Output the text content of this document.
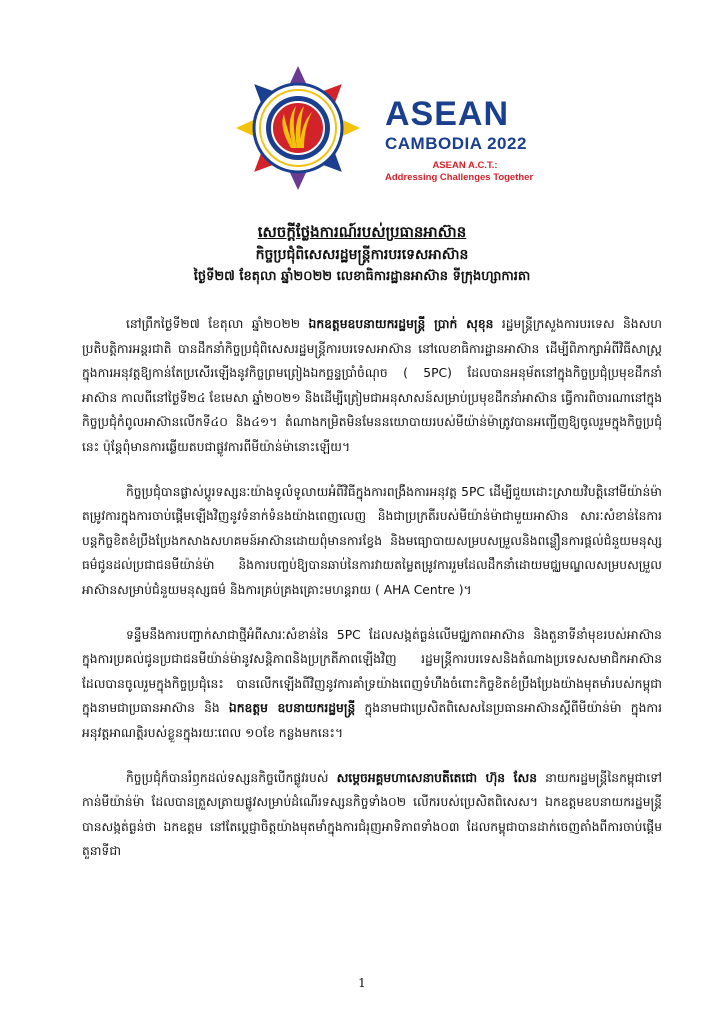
ASEAN
CAMBODIA 2022
ASEAN A.C.T.:
Addressing Challenges Together
សេចក្តីថ្លែងការណ៍របស់ប្រធានអាស៊ាន
កិច្ចប្រជុំពិសេសរដ្ឋមន្ត្រីការបរទេសអាស៊ាន
ថ្ងៃទី២៧ ខែតុលា ឆ្នាំ២០២២ លេខាធិការដ្ឋានអាស៊ាន ទីក្រុងហ្សាការតា

នៅព្រឹកថ្ងៃទី២៧ ខែតុលា ឆ្នាំ២០២២ ឯកឧត្តមឧបនាយករដ្ឋមន្ត្រី ប្រាក់ សុខុន រដ្ឋមន្ត្រីក្រសួងការបរទេស និងសហប្រតិបត្តិការអន្តរជាតិ បានដឹកនាំកិច្ចប្រជុំពិសេសរដ្ឋមន្ត្រីការបរទេសអាស៊ាន នៅលេខាធិការដ្ឋានអាស៊ាន ដើម្បីពិភាក្សាអំពីវិធីសាស្ត្រក្នុងការអនុវត្តឱ្យកាន់តែប្រសើរឡើងនូវកិច្ចព្រមព្រៀងឯកច្ឆន្ទប្រាំចំណុច ( 5PC) ដែលបានអនុម័តនៅក្នុងកិច្ចប្រជុំប្រមុខដឹកនាំអាស៊ាន កាលពីនៅថ្ងៃទី២៤ ខែមេសា ឆ្នាំ២០២១ និងដើម្បីត្រៀមជាអនុសាសន៍សម្រាប់ប្រមុខដឹកនាំអាស៊ាន ធ្វើការពិចារណានៅក្នុងកិច្ចប្រជុំកំពូលអាស៊ានលើកទី៤០ និង៤១។ តំណាងកម្រិតមិនមែននយោបាយរបស់មីយ៉ាន់ម៉ាត្រូវបានអញ្ជើញឱ្យចូលរួមក្នុងកិច្ចប្រជុំនេះ ប៉ុន្តែពុំមានការឆ្លើយតបជាផ្លូវការពីមីយ៉ាន់ម៉ានោះឡើយ។

កិច្ចប្រជុំបានផ្លាស់ប្តូរទស្សនៈយ៉ាងទូលំទូលាយអំពីវិធីក្នុងការពង្រឹងការអនុវត្ត 5PC ដើម្បីជួយដោះស្រាយវិបត្តិនៅមីយ៉ាន់ម៉ា តម្រូវការក្នុងការចាប់ផ្តើមឡើងវិញនូវទំនាក់ទំនងយ៉ាងពេញលេញ និងជាប្រក្រតីរបស់មីយ៉ាន់ម៉ាជាមួយអាស៊ាន សារៈសំខាន់នៃការបន្តកិច្ចខិតខំប្រឹងប្រែងកសាងសហគមន៍អាស៊ានដោយពុំមានការខ្វែង និងមធ្យោបាយសម្របសម្រួលនិងពន្លឿនការផ្តល់ជំនួយមនុស្សធម៌ជូនដល់ប្រជាជនមីយ៉ាន់ម៉ា និងការបញ្ចប់ឱ្យបានឆាប់នៃការវាយតម្លៃតម្រូវការរួមដែលដឹកនាំដោយមជ្ឈមណ្ឌលសម្របសម្រួលអាស៊ានសម្រាប់ជំនួយមនុស្សធម៌ និងការគ្រប់គ្រងគ្រោះមហន្តរាយ ( AHA Centre )។

ទន្ទឹមនឹងការបញ្ជាក់សាជាថ្មីអំពីសារៈសំខាន់នៃ 5PC ដែលសង្កត់ធ្ងន់លើមជ្ឈភាពអាស៊ាន និងតួនាទីនាំមុខរបស់អាស៊ាន ក្នុងការប្រគល់ជូនប្រជាជនមីយ៉ាន់ម៉ានូវសន្តិភាពនិងប្រក្រតីភាពឡើងវិញ រដ្ឋមន្ត្រីការបរទេសនិងតំណាងប្រទេសសមាជិកអាស៊ានដែលបានចូលរួមក្នុងកិច្ចប្រជុំនេះ បានលើកឡើងពីវិញនូវការគាំទ្រយ៉ាងពេញទំហឹងចំពោះកិច្ចខិតខំប្រឹងប្រែងយ៉ាងមុតមាំរបស់កម្ពុជា ក្នុងនាមជាប្រធានអាស៊ាន និង ឯកឧត្តម ឧបនាយករដ្ឋមន្ត្រី ក្នុងនាមជាប្រេសិតពិសេសនៃប្រធានអាស៊ានស្តីពីមីយ៉ាន់ម៉ា ក្នុងការអនុវត្តអាណត្តិរបស់ខ្លួនក្នុងរយៈពេល ១០ខែ កន្លងមកនេះ។

កិច្ចប្រជុំក៏បានរំឭកដល់ទស្សនកិច្ចបើកផ្លូវរបស់ សម្តេចអគ្គមហាសេនាបតីតេជោ ហ៊ុន សែន នាយករដ្ឋមន្ត្រីនៃកម្ពុជាទៅកាន់មីយ៉ាន់ម៉ា ដែលបានត្រួសត្រាយផ្លូវសម្រាប់ដំណើរទស្សនកិច្ចទាំង០២ លើករបស់ប្រេសិតពិសេស។ ឯកឧត្តមឧបនាយករដ្ឋមន្ត្រី បានសង្កត់ធ្ងន់ថា ឯកឧត្តម នៅតែប្តេជ្ញាចិត្តយ៉ាងមុតមាំក្នុងការជំរុញអាទិភាពទាំង០៣ ដែលកម្ពុជាបានដាក់ចេញតាំងពីការចាប់ផ្តើមតួនាទីជា

1
